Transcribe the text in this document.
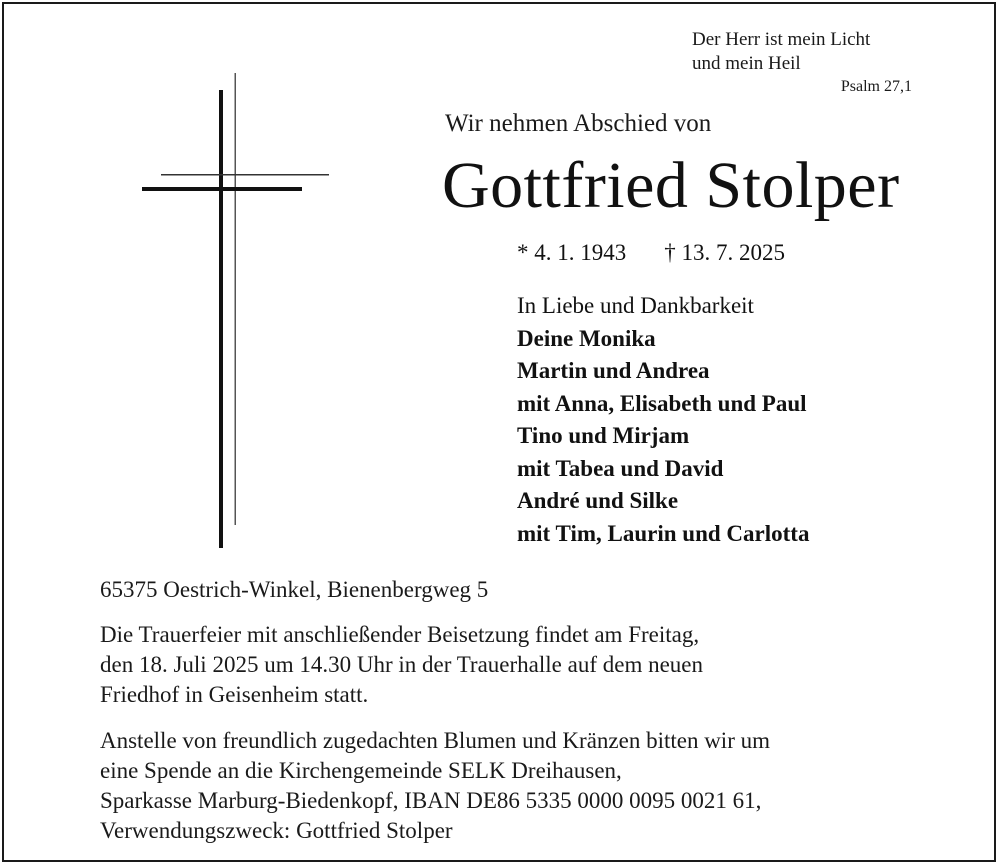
Der Herr ist mein Licht
und mein Heil
Psalm 27,1
Wir nehmen Abschied von
Gottfried Stolper
* 4. 1. 1943 † 13. 7. 2025
In Liebe und Dankbarkeit
Deine Monika
Martin und Andrea
mit Anna, Elisabeth und Paul
Tino und Mirjam
mit Tabea und David
André und Silke
mit Tim, Laurin und Carlotta
65375 Oestrich-Winkel, Bienenbergweg 5
Die Trauerfeier mit anschließender Beisetzung findet am Freitag,
den 18. Juli 2025 um 14.30 Uhr in der Trauerhalle auf dem neuen
Friedhof in Geisenheim statt.
Anstelle von freundlich zugedachten Blumen und Kränzen bitten wir um
eine Spende an die Kirchengemeinde SELK Dreihausen,
Sparkasse Marburg-Biedenkopf, IBAN DE86 5335 0000 0095 0021 61,
Verwendungszweck: Gottfried Stolper
